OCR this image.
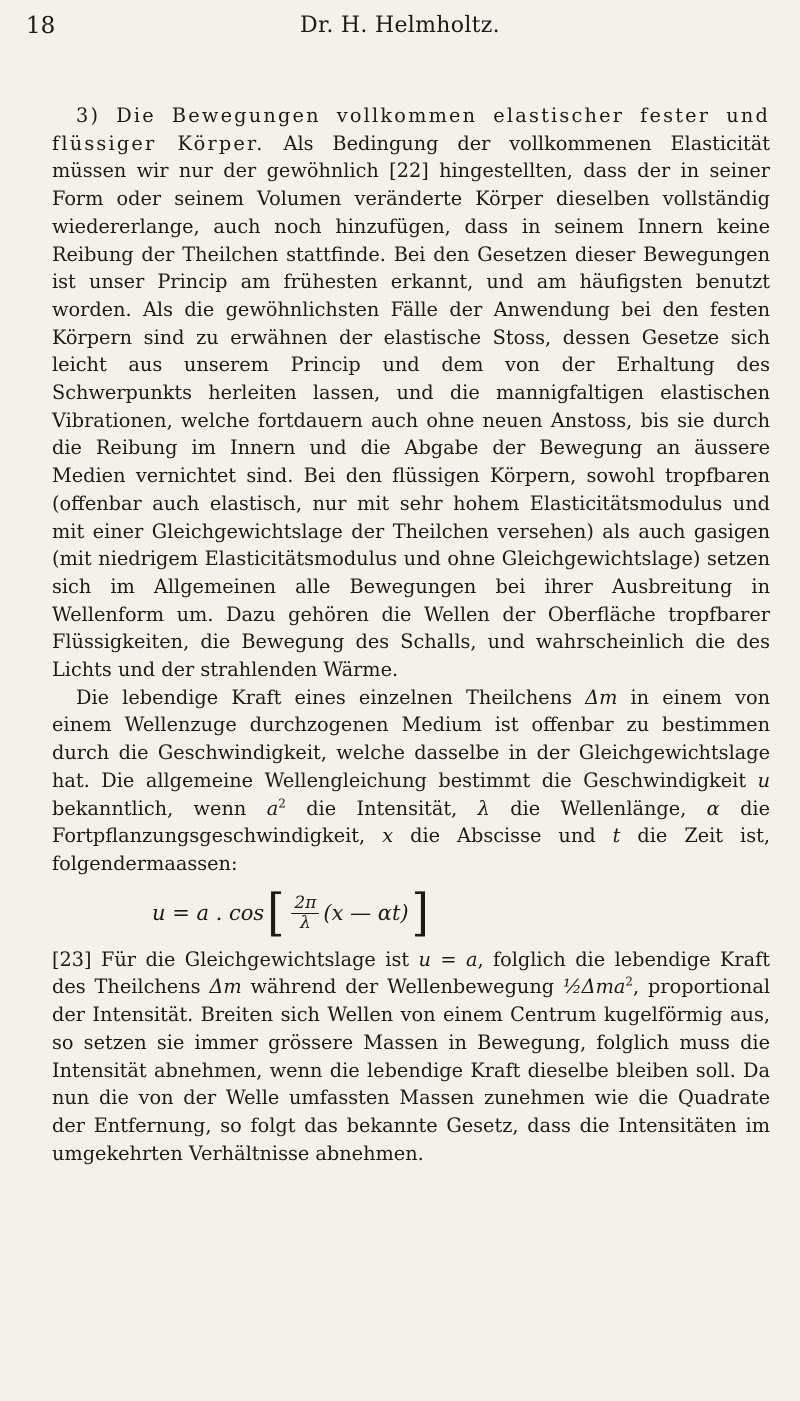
18	Dr. H. Helmholtz.

3) Die Bewegungen vollkommen elastischer fester und flüssiger Körper. Als Bedingung der vollkommenen Elasticität müssen wir nur der gewöhnlich [22] hingestellten, dass der in seiner Form oder seinem Volumen veränderte Körper dieselben vollständig wiedererlange, auch noch hinzufügen, dass in seinem Innern keine Reibung der Theilchen stattfinde. Bei den Gesetzen dieser Bewegungen ist unser Princip am frühesten erkannt, und am häufigsten benutzt worden. Als die gewöhnlichsten Fälle der Anwendung bei den festen Körpern sind zu erwähnen der elastische Stoss, dessen Gesetze sich leicht aus unserem Princip und dem von der Erhaltung des Schwerpunkts herleiten lassen, und die mannigfaltigen elastischen Vibrationen, welche fortdauern auch ohne neuen Anstoss, bis sie durch die Reibung im Innern und die Abgabe der Bewegung an äussere Medien vernichtet sind. Bei den flüssigen Körpern, sowohl tropfbaren (offenbar auch elastisch, nur mit sehr hohem Elasticitätsmodulus und mit einer Gleichgewichtslage der Theilchen versehen) als auch gasigen (mit niedrigem Elasticitätsmodulus und ohne Gleichgewichtslage) setzen sich im Allgemeinen alle Bewegungen bei ihrer Ausbreitung in Wellenform um. Dazu gehören die Wellen der Oberfläche tropfbarer Flüssigkeiten, die Bewegung des Schalls, und wahrscheinlich die des Lichts und der strahlenden Wärme.

Die lebendige Kraft eines einzelnen Theilchens Δm in einem von einem Wellenzuge durchzogenen Medium ist offenbar zu bestimmen durch die Geschwindigkeit, welche dasselbe in der Gleichgewichtslage hat. Die allgemeine Wellengleichung bestimmt die Geschwindigkeit u bekanntlich, wenn $a^2$ die Intensität, λ die Wellenlänge, α die Fortpflanzungsgeschwindigkeit, x die Abscisse und t die Zeit ist, folgendermaassen:

u = a . cos [ $\frac{2\pi}{\lambda} (x$ — αt) ]

[23] Für die Gleichgewichtslage ist u = a, folglich die lebendige Kraft des Theilchens Δm während der Wellenbewegung ½Δma$^2$, proportional der Intensität. Breiten sich Wellen von einem Centrum kugelförmig aus, so setzen sie immer grössere Massen in Bewegung, folglich muss die Intensität abnehmen, wenn die lebendige Kraft dieselbe bleiben soll. Da nun die von der Welle umfassten Massen zunehmen wie die Quadrate der Entfernung, so folgt das bekannte Gesetz, dass die Intensitäten im umgekehrten Verhältnisse abnehmen.
